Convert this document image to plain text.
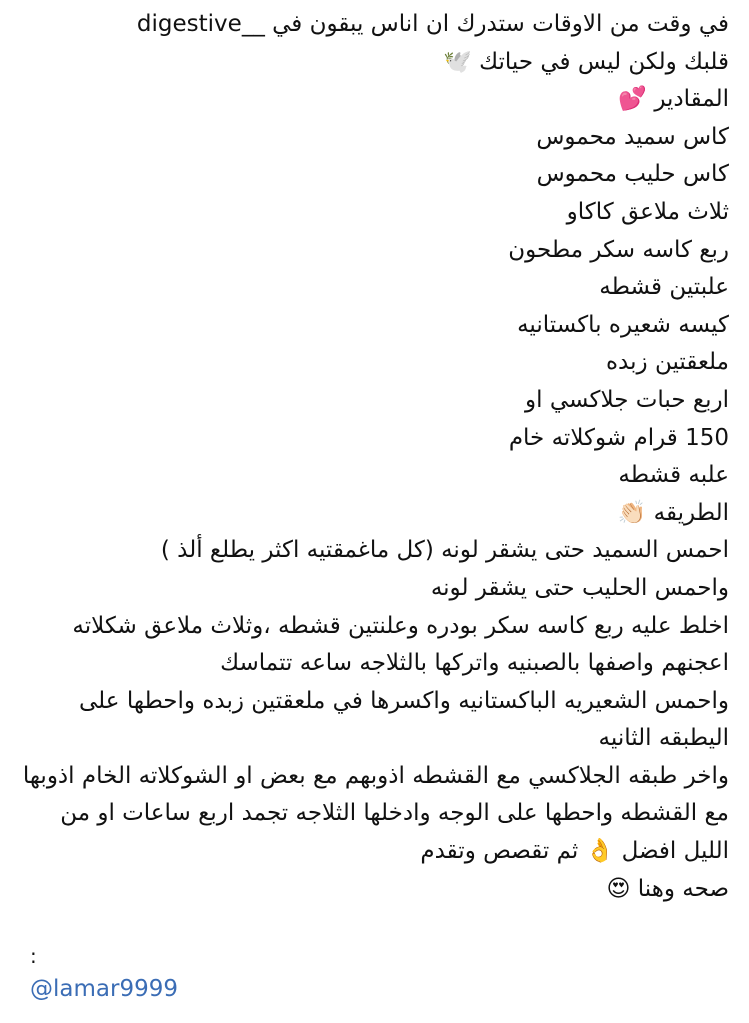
في وقت من الاوقات ستدرك ان اناس يبقون في __digestive
قلبك ولكن ليس في حياتك 🕊️
المقادير 💕
كاس سميد محموس
كاس حليب محموس
ثلاث ملاعق كاكاو
ربع كاسه سكر مطحون
علبتين قشطه
كيسه شعيره باكستانيه
ملعقتين زبده
اربع حبات جلاكسي او
150 قرام شوكلاته خام
علبه قشطه
الطريقه 👏🏻
احمس السميد حتى يشقر لونه (كل ماغمقتيه اكثر يطلع ألذ )
واحمس الحليب حتى يشقر لونه
اخلط عليه ربع كاسه سكر بودره وعلنتين قشطه ،وثلاث ملاعق شكلاته
اعجنهم واصفها بالصبنيه واتركها بالثلاجه ساعه تتماسك
واحمس الشعيريه الباكستانيه واكسرها في ملعقتين زبده واحطها على اليطبقه الثانيه
واخر طبقه الجلاكسي مع القشطه اذوبهم مع بعض او الشوكلاته الخام اذوبها مع القشطه واحطها على الوجه وادخلها الثلاجه تجمد اربع ساعات او من الليل افضل 👌 ثم تقصص وتقدم
صحه وهنا 😍
:
@lamar9999
